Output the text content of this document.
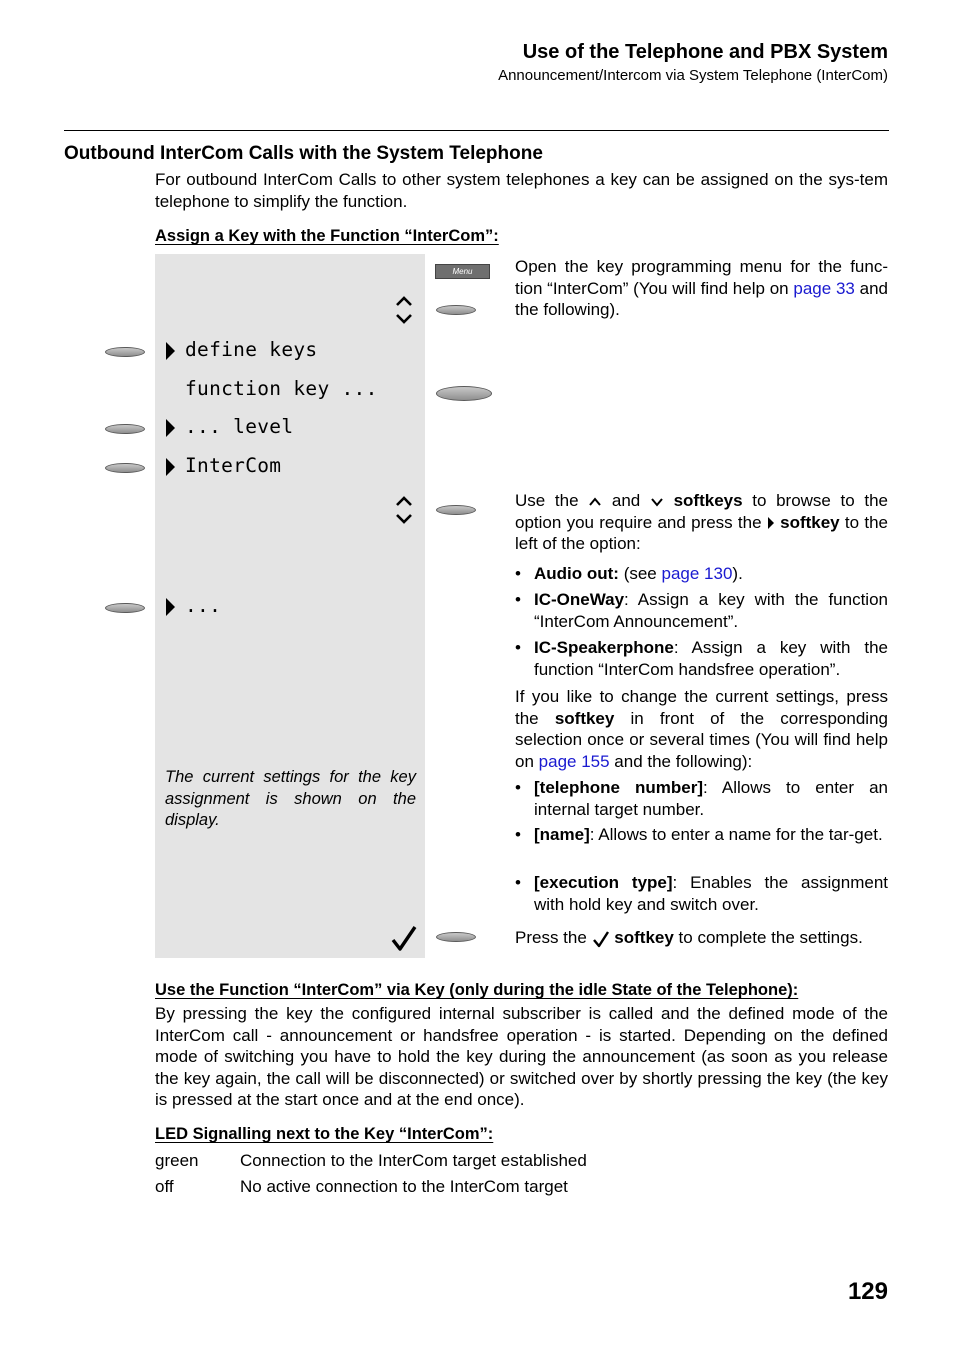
Use of the Telephone and PBX System
Announcement/Intercom via System Telephone (InterCom)
Outbound InterCom Calls with the System Telephone
For outbound InterCom Calls to other system telephones a key can be assigned on the sys-tem telephone to simplify the function.
Assign a Key with the Function “InterCom”:
define keys
function key ...
... level
InterCom
...
The current settings for the key assignment is shown on the display.
Menu	Open the key programming menu for the func-tion “InterCom” (You will find help on page 33 and the following).
Use the and softkeys to browse to the option you require and press the softkey to the left of the option:
• Audio out: (see page 130).
• IC-OneWay: Assign a key with the function “InterCom Announcement”.
• IC-Speakerphone: Assign a key with the function “InterCom handsfree operation”.
If you like to change the current settings, press the softkey in front of the corresponding selection once or several times (You will find help on page 155 and the following):
• [telephone number]: Allows to enter an internal target number.
• [name]: Allows to enter a name for the tar-get.
• [execution type]: Enables the assignment with hold key and switch over.
Press the softkey to complete the settings.
Use the Function “InterCom” via Key (only during the idle State of the Telephone):
By pressing the key the configured internal subscriber is called and the defined mode of the InterCom call - announcement or handsfree operation - is started. Depending on the defined mode of switching you have to hold the key during the announcement (as soon as you release the key again, the call will be disconnected) or switched over by shortly pressing the key (the key is pressed at the start once and at the end once).
LED Signalling next to the Key “InterCom”:
green Connection to the InterCom target established
off	No active connection to the InterCom target
129
